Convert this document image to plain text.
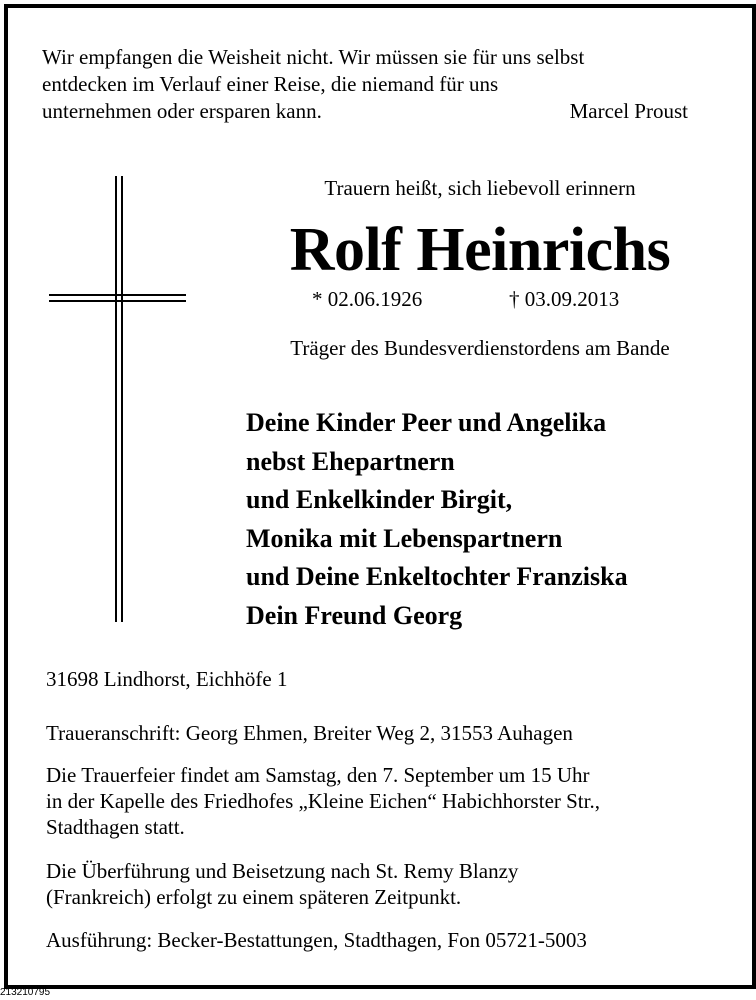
Wir empfangen die Weisheit nicht. Wir müssen sie für uns selbst
entdecken im Verlauf einer Reise, die niemand für uns
unternehmen oder ersparen kann.	Marcel Proust
Trauern heißt, sich liebevoll erinnern
Rolf Heinrichs
* 02.06.1926	† 03.09.2013
Träger des Bundesverdienstordens am Bande
Deine Kinder Peer und Angelika
nebst Ehepartnern
und Enkelkinder Birgit,
Monika mit Lebenspartnern
und Deine Enkeltochter Franziska
Dein Freund Georg
31698 Lindhorst, Eichhöfe 1
Traueranschrift: Georg Ehmen, Breiter Weg 2, 31553 Auhagen
Die Trauerfeier findet am Samstag, den 7. September um 15 Uhr
in der Kapelle des Friedhofes „Kleine Eichen“ Habichhorster Str.,
Stadthagen statt.
Die Überführung und Beisetzung nach St. Remy Blanzy
(Frankreich) erfolgt zu einem späteren Zeitpunkt.
Ausführung: Becker-Bestattungen, Stadthagen, Fon 05721-5003
213210795
